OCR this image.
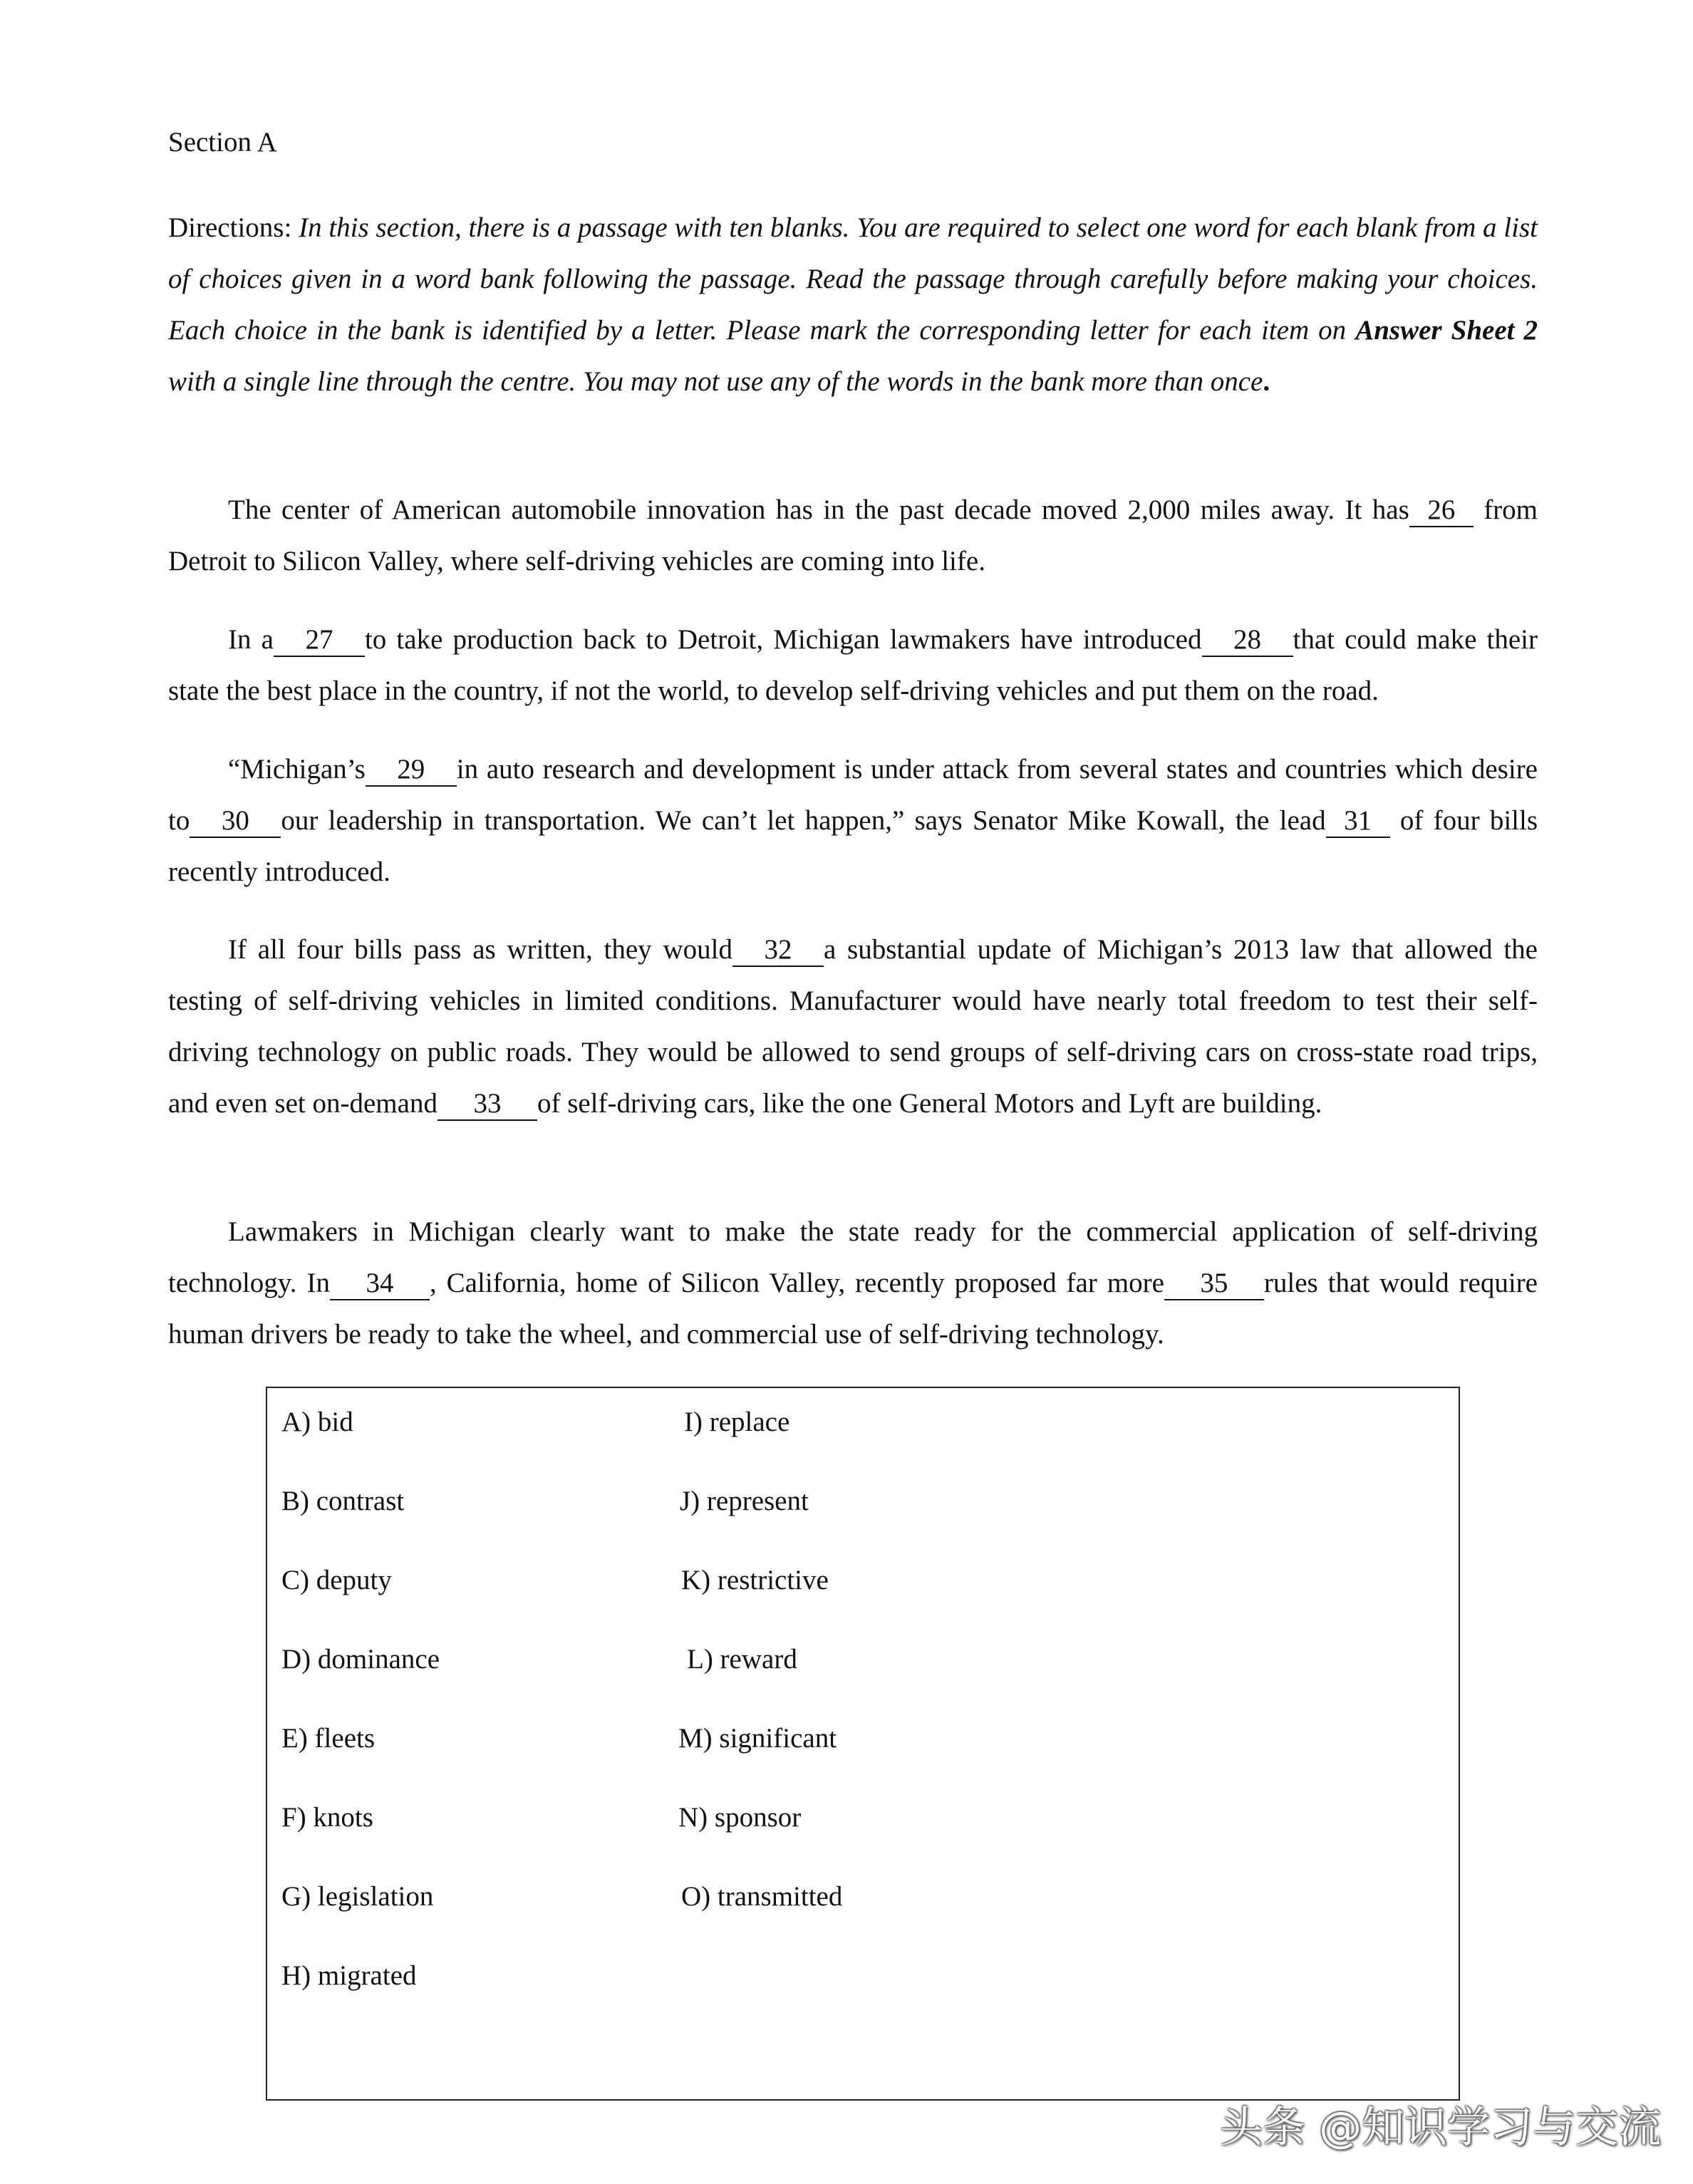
Section A

Directions: In this section, there is a passage with ten blanks. You are required to select one word for each blank from a list of choices given in a word bank following the passage. Read the passage through carefully before making your choices. Each choice in the bank is identified by a letter. Please mark the corresponding letter for each item on Answer Sheet 2 with a single line through the centre. You may not use any of the words in the bank more than once.

The center of American automobile innovation has in the past decade moved 2,000 miles away. It has 26 from Detroit to Silicon Valley, where self-driving vehicles are coming into life.

In a 27 to take production back to Detroit, Michigan lawmakers have introduced 28 that could make their state the best place in the country, if not the world, to develop self-driving vehicles and put them on the road.

“Michigan’s 29 in auto research and development is under attack from several states and countries which desire to 30 our leadership in transportation. We can’t let happen,” says Senator Mike Kowall, the lead 31 of four bills recently introduced.

If all four bills pass as written, they would 32 a substantial update of Michigan’s 2013 law that allowed the testing of self-driving vehicles in limited conditions. Manufacturer would have nearly total freedom to test their self-driving technology on public roads. They would be allowed to send groups of self-driving cars on cross-state road trips, and even set on-demand 33 of self-driving cars, like the one General Motors and Lyft are building.

Lawmakers in Michigan clearly want to make the state ready for the commercial application of self-driving technology. In 34 , California, home of Silicon Valley, recently proposed far more 35 rules that would require human drivers be ready to take the wheel, and commercial use of self-driving technology.

A) bid
B) contrast
C) deputy
D) dominance
E) fleets
F) knots
G) legislation
H) migrated
I) replace
J) represent
K) restrictive
L) reward
M) significant
N) sponsor
O) transmitted
头条 @知识学习与交流
